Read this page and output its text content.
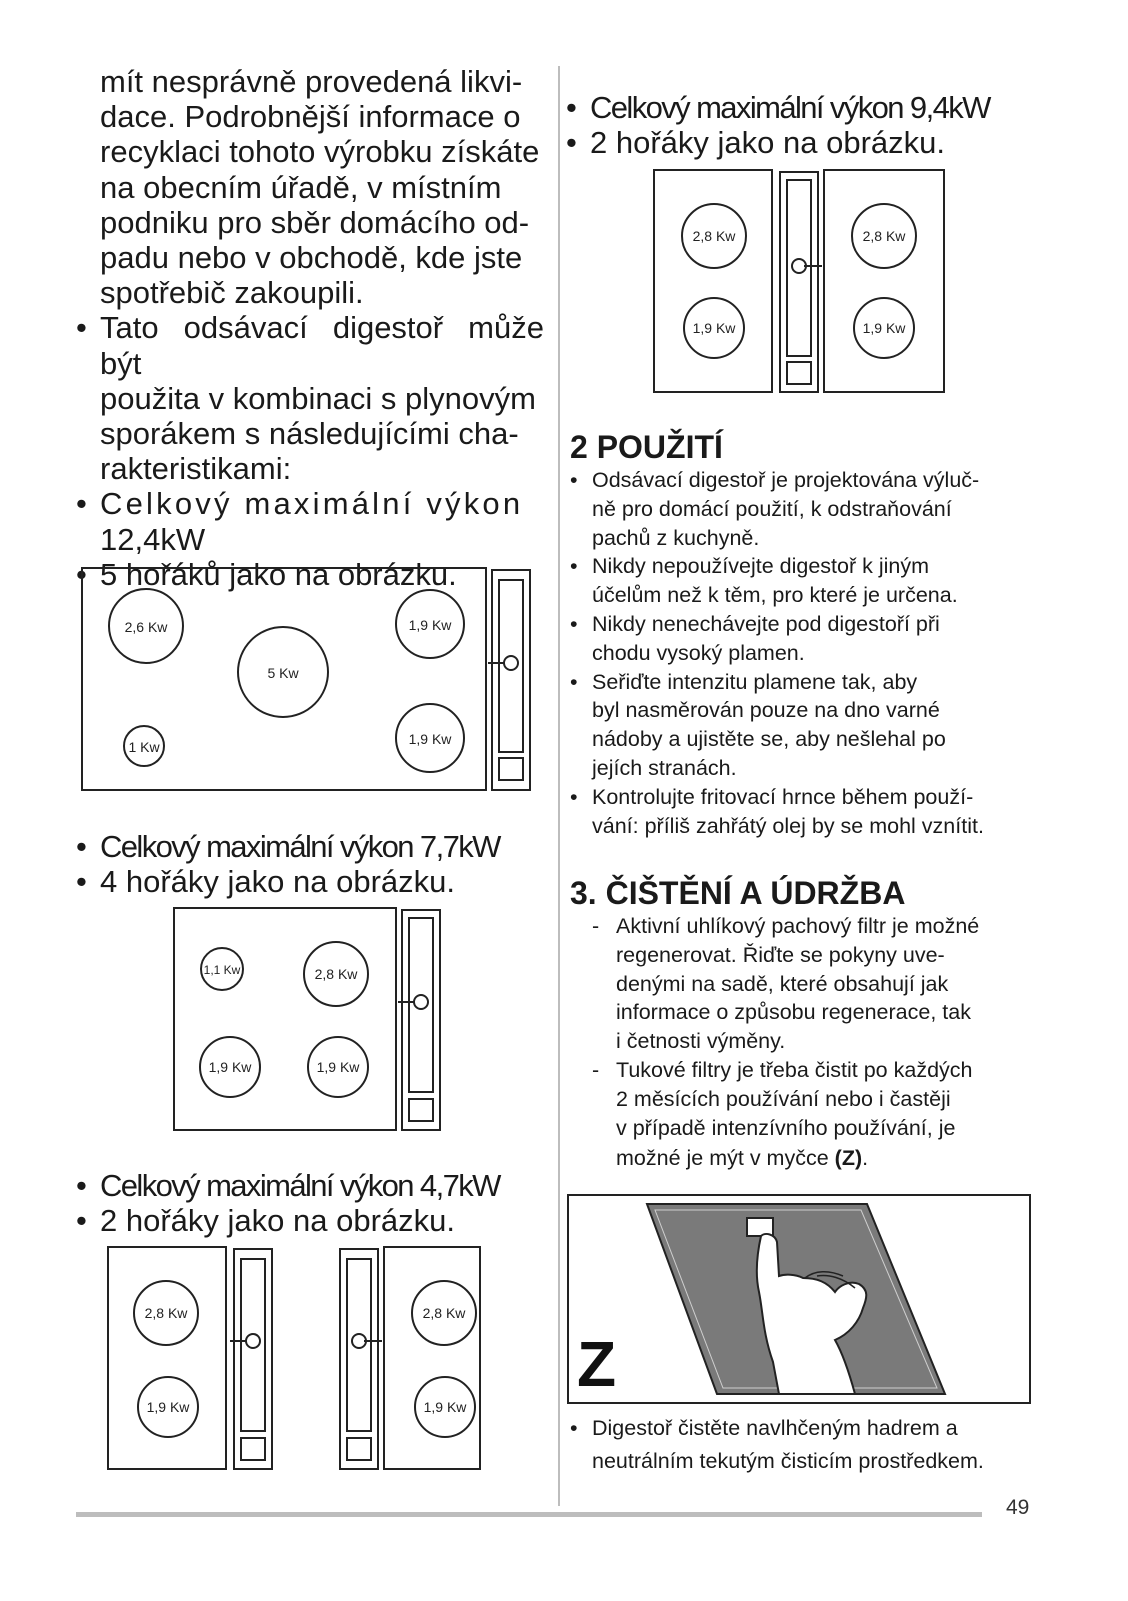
mít nesprávně provedená likvi-

dace. Podrobnější informace o

recyklaci tohoto výrobku získáte

na obecním úřadě, v místním

podniku pro sběr domácího od-

padu nebo v obchodě, kde jste

spotřebič zakoupili.

• Tato odsávací digestoř může být

použita v kombinaci s plynovým

sporákem s následujícími cha-

rakteristikami:

• Celkový maximální výkon

12,4kW

• 5 hořáků jako na obrázku.

2,6 Kw	1,9 Kw
5 Kw
1 Kw	1,9 Kw

• Celkový maximální výkon 7,7kW

• 4 hořáky jako na obrázku.

1,1 Kw	2,8 Kw
1,9 Kw	1,9 Kw

• Celkový maximální výkon 4,7kW

• 2 hořáky jako na obrázku.

2,8 Kw
1,9 Kw
2,8 Kw
1,9 Kw

• Celkový maximální výkon 9,4kW

• 2 hořáky jako na obrázku.

2,8 Kw
1,9 Kw
2,8 Kw
1,9 Kw
2 POUŽITÍ
• Odsávací digestoř je projektována výluč-
ně pro domácí použití, k odstraňování
pachů z kuchyně.
• Nikdy nepoužívejte digestoř k jiným
účelům než k těm, pro které je určena.
• Nikdy nenechávejte pod digestoří při
chodu vysoký plamen.
• Seřiďte intenzitu plamene tak, aby
byl nasměrován pouze na dno varné
nádoby a ujistěte se, aby nešlehal po
jejích stranách.
• Kontrolujte fritovací hrnce během použí-
vání: příliš zahřátý olej by se mohl vznítit.
3. ČIŠTĚNÍ A ÚDRŽBA
- Aktivní uhlíkový pachový filtr je možné
regenerovat. Řiďte se pokyny uve-
denými na sadě, které obsahují jak
informace o způsobu regenerace, tak
i četnosti výměny.
- Tukové filtry je třeba čistit po každých
2 měsících používání nebo i častěji
v případě intenzívního používání, je
možné je mýt v myčce (Z).
Z
• Digestoř čistěte navlhčeným hadrem a
neutrálním tekutým čisticím prostředkem.
49
